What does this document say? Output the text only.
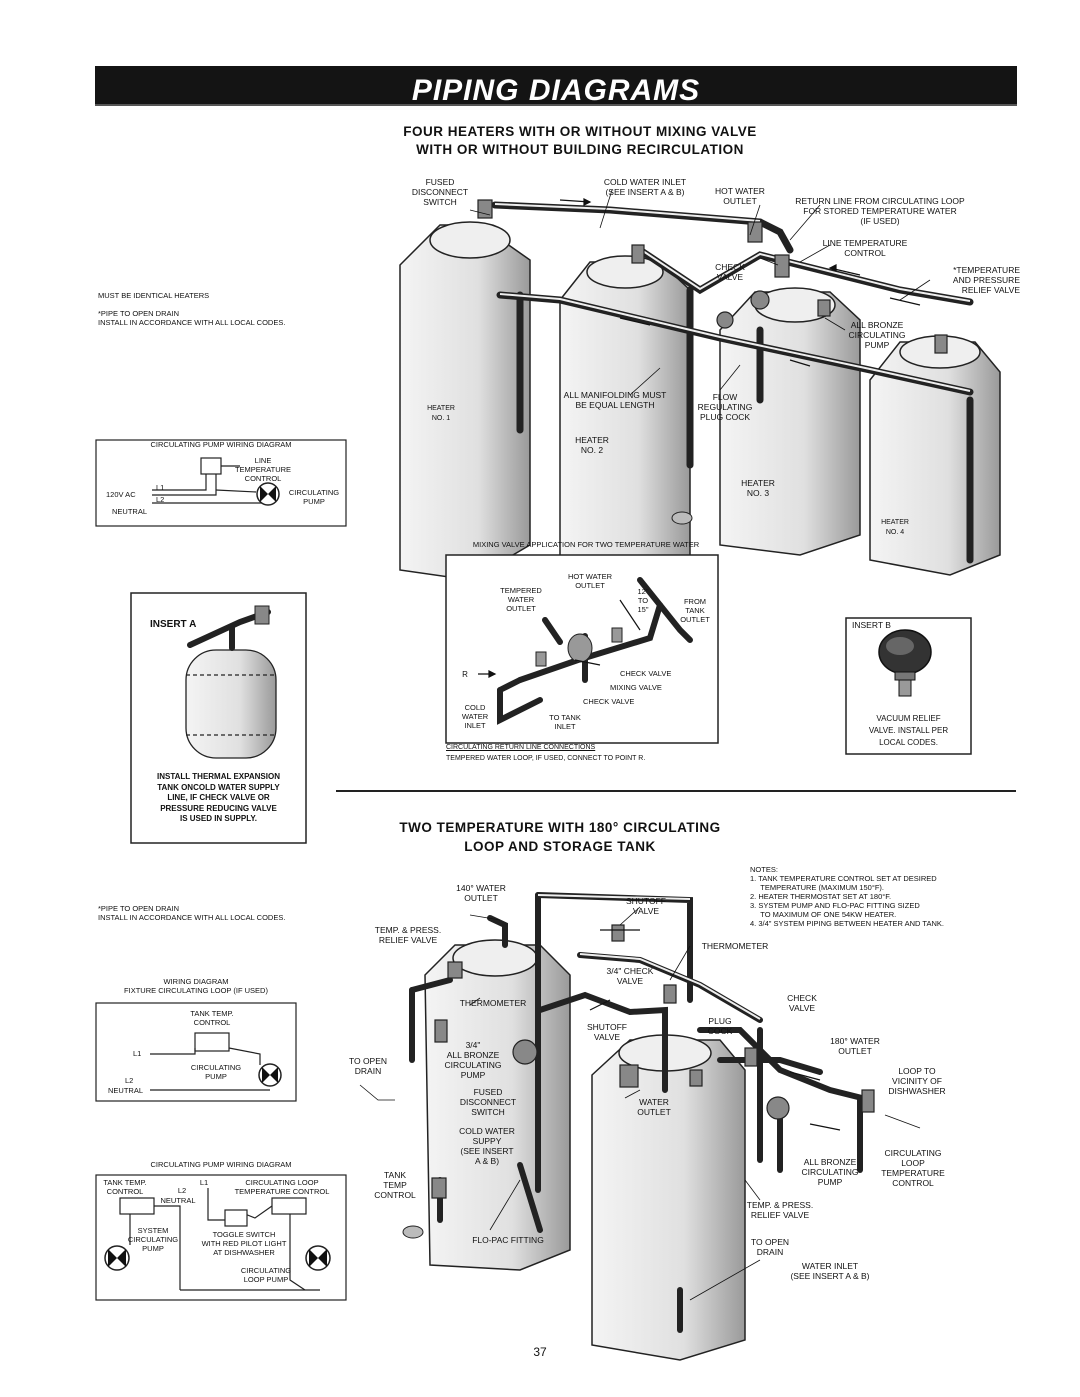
PIPING DIAGRAMS
FOUR HEATERS WITH OR WITHOUT MIXING VALVE
WITH OR WITHOUT BUILDING RECIRCULATION
FUSED
DISCONNECT
SWITCH
COLD WATER INLET
(SEE INSERT A & B)	HOT WATER
OUTLET	RETURN LINE FROM CIRCULATING LOOP
FOR STORED TEMPERATURE WATER
(IF USED)
LINE TEMPERATURE
CONTROL
CHECK
VALVE
*TEMPERATURE
AND PRESSURE
RELIEF VALVE
ALL BRONZE
CIRCULATING
PUMP
ALL MANIFOLDING MUST
BE EQUAL LENGTH
FLOW
REGULATING
PLUG COCK
HEATER
NO. 1
HEATER
NO. 2
HEATER
NO. 3
HEATER
NO. 4
MUST BE IDENTICAL HEATERS
*PIPE TO OPEN DRAIN
INSTALL IN ACCORDANCE WITH ALL LOCAL CODES.
CIRCULATING PUMP WIRING DIAGRAM
LINE
TEMPERATURE
CONTROL
L1
L2
120V AC	CIRCULATING
PUMP
NEUTRAL
INSERT A
INSTALL THERMAL EXPANSION
TANK ONCOLD WATER SUPPLY
LINE, IF CHECK VALVE OR
PRESSURE REDUCING VALVE
IS USED IN SUPPLY.
MIXING VALVE APPLICATION FOR TWO TEMPERATURE WATER
HOT WATER
OUTLET
TEMPERED
WATER
OUTLET
12"
TO
15"
FROM
TANK
OUTLET
R	CHECK VALVE
MIXING VALVE
CHECK VALVE
COLD
WATER
INLET
TO TANK
INLET
CIRCULATING RETURN LINE CONNECTIONS
TEMPERED WATER LOOP, IF USED, CONNECT TO POINT R.
INSERT B
VACUUM RELIEF
VALVE. INSTALL PER
LOCAL CODES.
TWO TEMPERATURE WITH 180° CIRCULATING
LOOP AND STORAGE TANK
*PIPE TO OPEN DRAIN
INSTALL IN ACCORDANCE WITH ALL LOCAL CODES.
NOTES:
1. TANK TEMPERATURE CONTROL SET AT DESIRED
TEMPERATURE (MAXIMUM 150°F).
2. HEATER THERMOSTAT SET AT 180°F.
3. SYSTEM PUMP AND FLO-PAC FITTING SIZED
TO MAXIMUM OF ONE 54KW HEATER.
4. 3/4" SYSTEM PIPING BETWEEN HEATER AND TANK.
140° WATER
OUTLET
TEMP. & PRESS.
RELIEF VALVE
SHUTOFF
VALVE
THERMOMETER
3/4" CHECK
VALVE
THERMOMETER
TO OPEN
DRAIN
3/4"
ALL BRONZE
CIRCULATING
PUMP
SHUTOFF
VALVE
PLUG
COCK
CHECK
VALVE
180° WATER
OUTLET
FUSED
DISCONNECT
SWITCH
WATER
OUTLET
LOOP TO
VICINITY OF
DISHWASHER
COLD WATER
SUPPY
(SEE INSERT
A & B)
TANK
TEMP
CONTROL
ALL BRONZE
CIRCULATING
PUMP
CIRCULATING
LOOP
TEMPERATURE
CONTROL
TEMP. & PRESS.
RELIEF VALVE
FLO-PAC FITTING	TO OPEN
DRAIN
WATER INLET
(SEE INSERT A & B)
WIRING DIAGRAM
FIXTURE CIRCULATING LOOP (IF USED)
TANK TEMP.
CONTROL
L1
L2
CIRCULATING
PUMP
NEUTRAL
CIRCULATING PUMP WIRING DIAGRAM
TANK TEMP.
CONTROL
L1
L2
NEUTRAL
CIRCULATING LOOP
TEMPERATURE CONTROL
SYSTEM
CIRCULATING
PUMP
TOGGLE SWITCH
WITH RED PILOT LIGHT
AT DISHWASHER
CIRCULATING
LOOP PUMP
37
